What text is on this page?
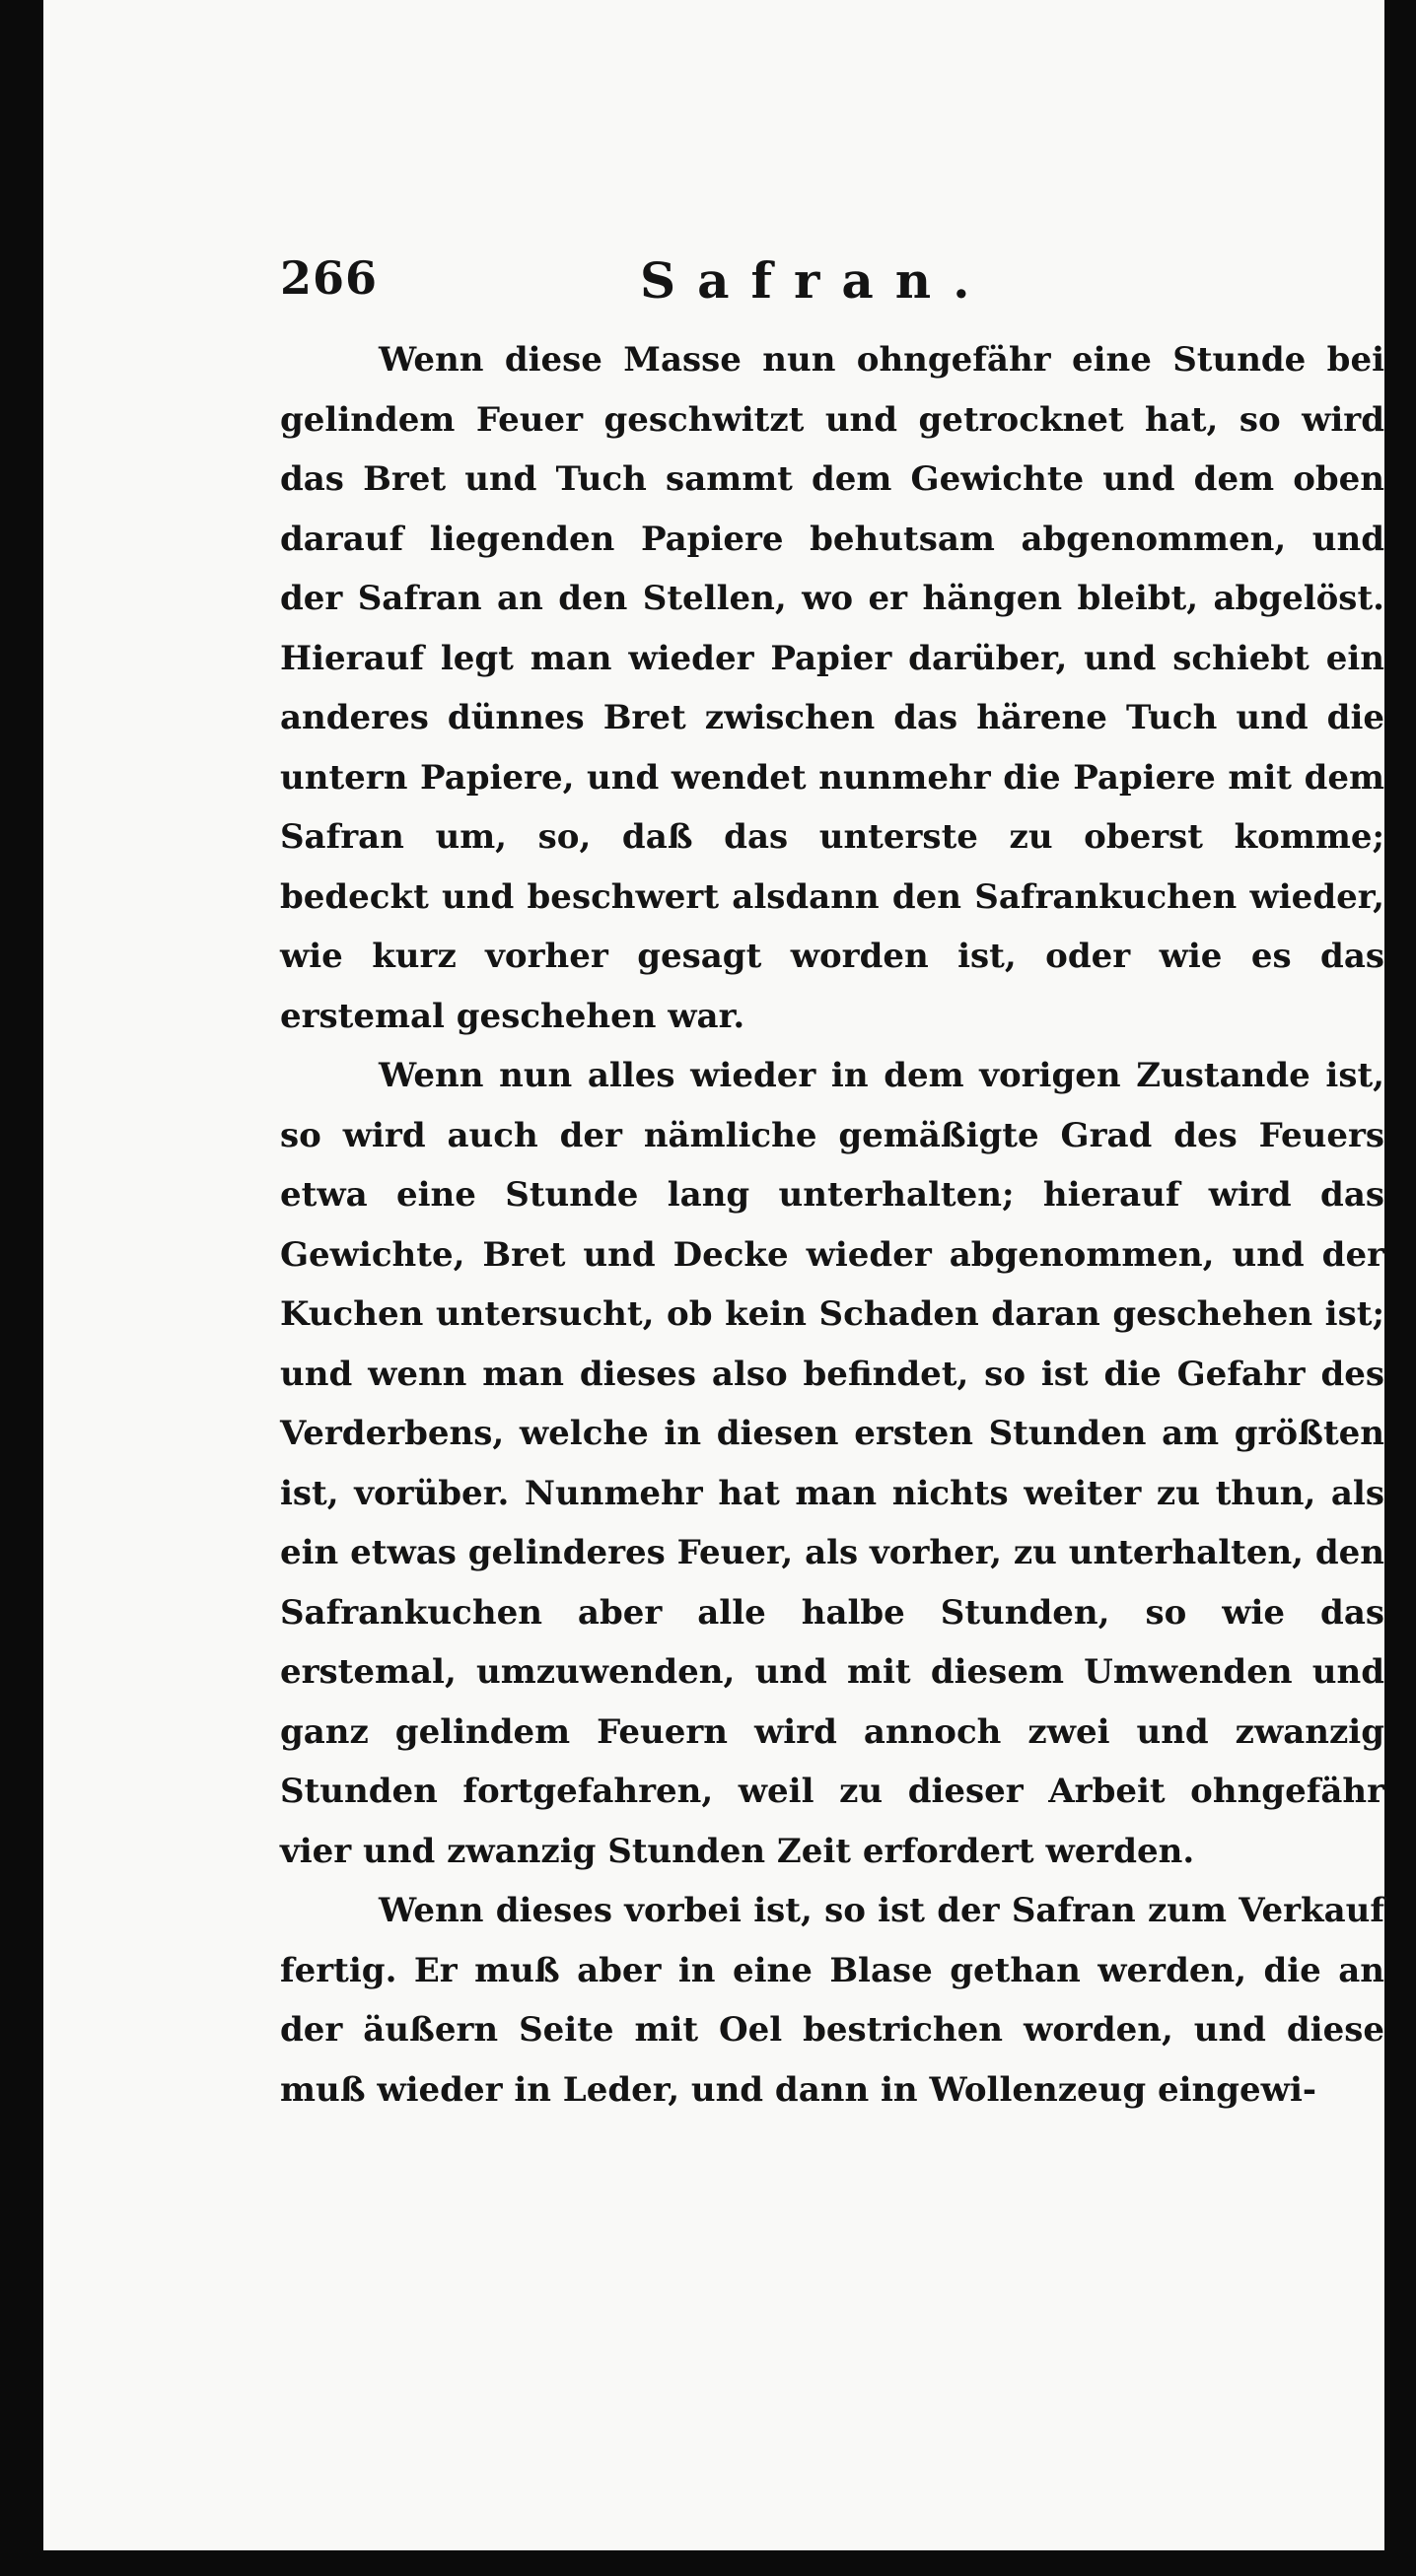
266	Safran.

Wenn diese Masse nun ohngefähr eine Stunde bei gelindem Feuer geschwitzt und getrocknet hat, so wird das Bret und Tuch sammt dem Gewichte und dem oben darauf liegenden Papiere behutsam abgenommen, und der Safran an den Stellen, wo er hängen bleibt, abgelöst. Hierauf legt man wieder Papier darüber, und schiebt ein anderes dünnes Bret zwischen das härene Tuch und die untern Papiere, und wendet nunmehr die Papiere mit dem Safran um, so, daß das unterste zu oberst komme; bedeckt und beschwert alsdann den Safrankuchen wieder, wie kurz vorher gesagt worden ist, oder wie es das erstemal geschehen war.

Wenn nun alles wieder in dem vorigen Zustande ist, so wird auch der nämliche gemäßigte Grad des Feuers etwa eine Stunde lang unterhalten; hierauf wird das Gewichte, Bret und Decke wieder abgenommen, und der Kuchen untersucht, ob kein Schaden daran geschehen ist; und wenn man dieses also befindet, so ist die Gefahr des Verderbens, welche in diesen ersten Stunden am größten ist, vorüber. Nunmehr hat man nichts weiter zu thun, als ein etwas gelinderes Feuer, als vorher, zu unterhalten, den Safrankuchen aber alle halbe Stunden, so wie das erstemal, umzuwenden, und mit diesem Umwenden und ganz gelindem Feuern wird annoch zwei und zwanzig Stunden fortgefahren, weil zu dieser Arbeit ohngefähr vier und zwanzig Stunden Zeit erfordert werden.

Wenn dieses vorbei ist, so ist der Safran zum Verkauf fertig. Er muß aber in eine Blase gethan werden, die an der äußern Seite mit Oel bestrichen worden, und diese muß wieder in Leder, und dann in Wollenzeug eingewi-
